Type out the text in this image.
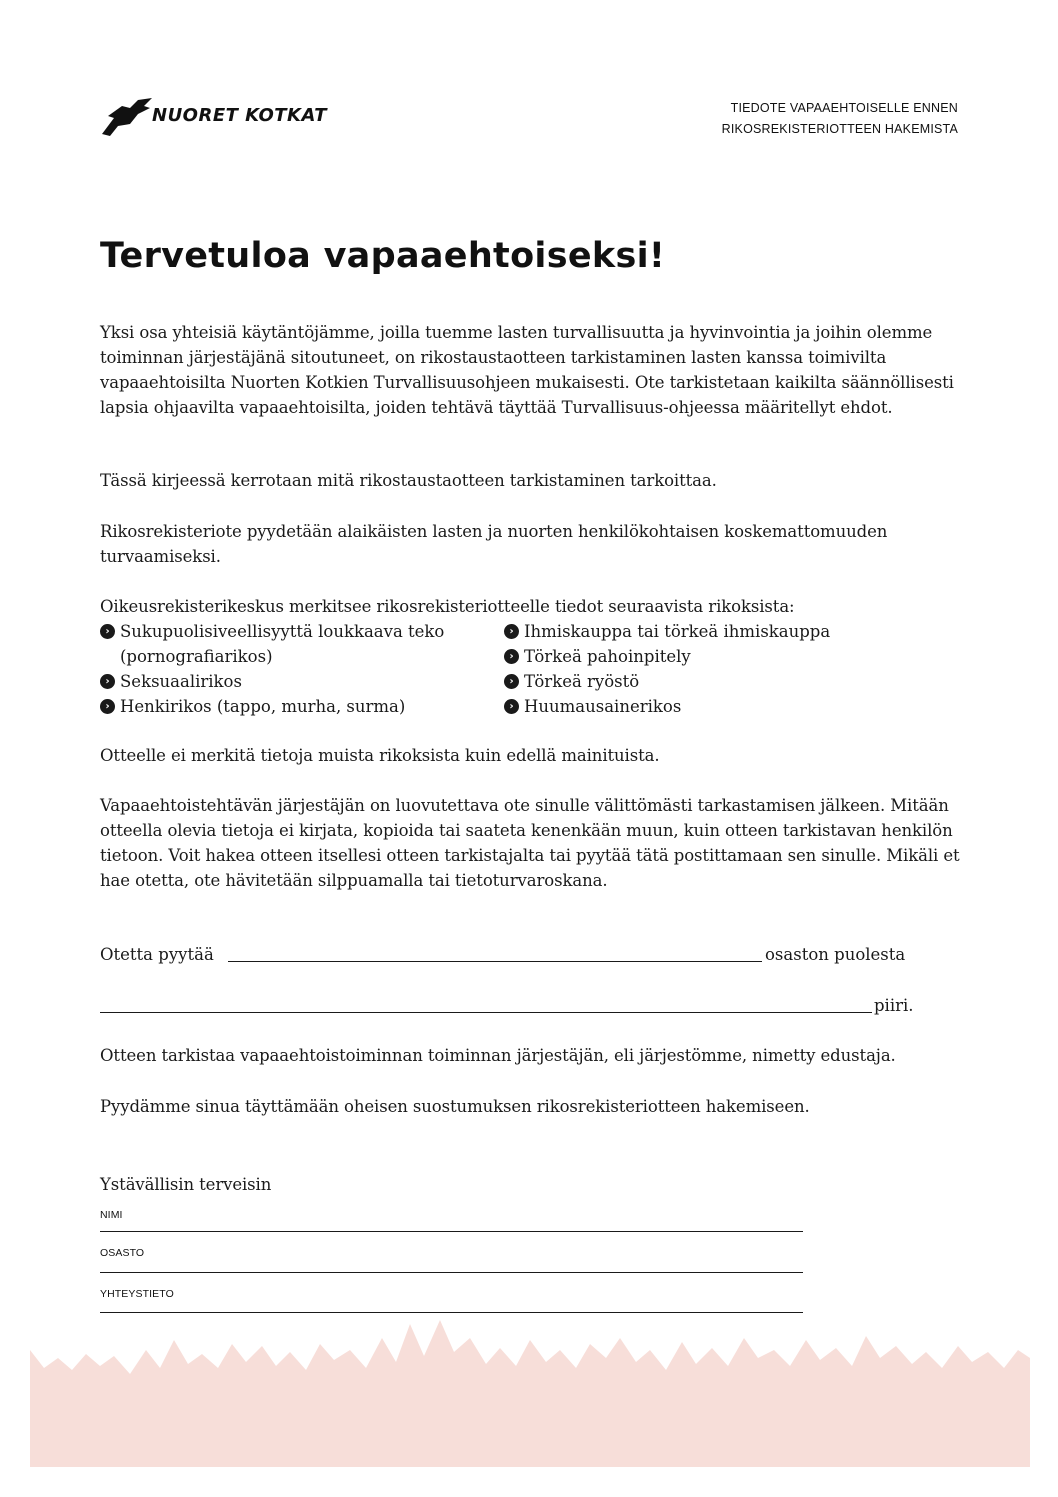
NUORET KOTKAT	TIEDOTE VAPAAEHTOISELLE ENNEN
RIKOSREKISTERIOTTEEN HAKEMISTA
Tervetuloa vapaaehtoiseksi!

Yksi osa yhteisiä käytäntöjämme, joilla tuemme lasten turvallisuutta ja hyvinvointia ja joihin olemme toiminnan järjestäjänä sitoutuneet, on rikostaustaotteen tarkistaminen lasten kanssa toimivilta vapaaehtoisilta Nuorten Kotkien Turvallisuusohjeen mukaisesti. Ote tarkistetaan kaikilta säännöllisesti lapsia ohjaavilta vapaaehtoisilta, joiden tehtävä täyttää Turvallisuus-ohjeessa määritellyt ehdot.

Tässä kirjeessä kerrotaan mitä rikostaustaotteen tarkistaminen tarkoittaa.

Rikosrekisteriote pyydetään alaikäisten lasten ja nuorten henkilökohtaisen koskemattomuuden turvaamiseksi.

Oikeusrekisterikeskus merkitsee rikosrekisteriotteelle tiedot seuraavista rikoksista:

› Sukupuolisiveellisyyttä loukkaava teko
(pornografiarikos)
› Seksuaalirikos
› Henkirikos (tappo, murha, surma)
› Ihmiskauppa tai törkeä ihmiskauppa
› Törkeä pahoinpitely
› Törkeä ryöstö
› Huumausainerikos

Otteelle ei merkitä tietoja muista rikoksista kuin edellä mainituista.

Vapaaehtoistehtävän järjestäjän on luovutettava ote sinulle välittömästi tarkastamisen jälkeen. Mitään otteella olevia tietoja ei kirjata, kopioida tai saateta kenenkään muun, kuin otteen tarkistavan henkilön tietoon. Voit hakea otteen itsellesi otteen tarkistajalta tai pyytää tätä postittamaan sen sinulle. Mikäli et hae otetta, ote hävitetään silppuamalla tai tietoturvaroskana.

Otetta pyytää	osaston puolesta
piiri.

Otteen tarkistaa vapaaehtoistoiminnan toiminnan järjestäjän, eli järjestömme, nimetty edustaja.

Pyydämme sinua täyttämään oheisen suostumuksen rikosrekisteriotteen hakemiseen.

Ystävällisin terveisin

NIMI
OSASTO
YHTEYSTIETO
